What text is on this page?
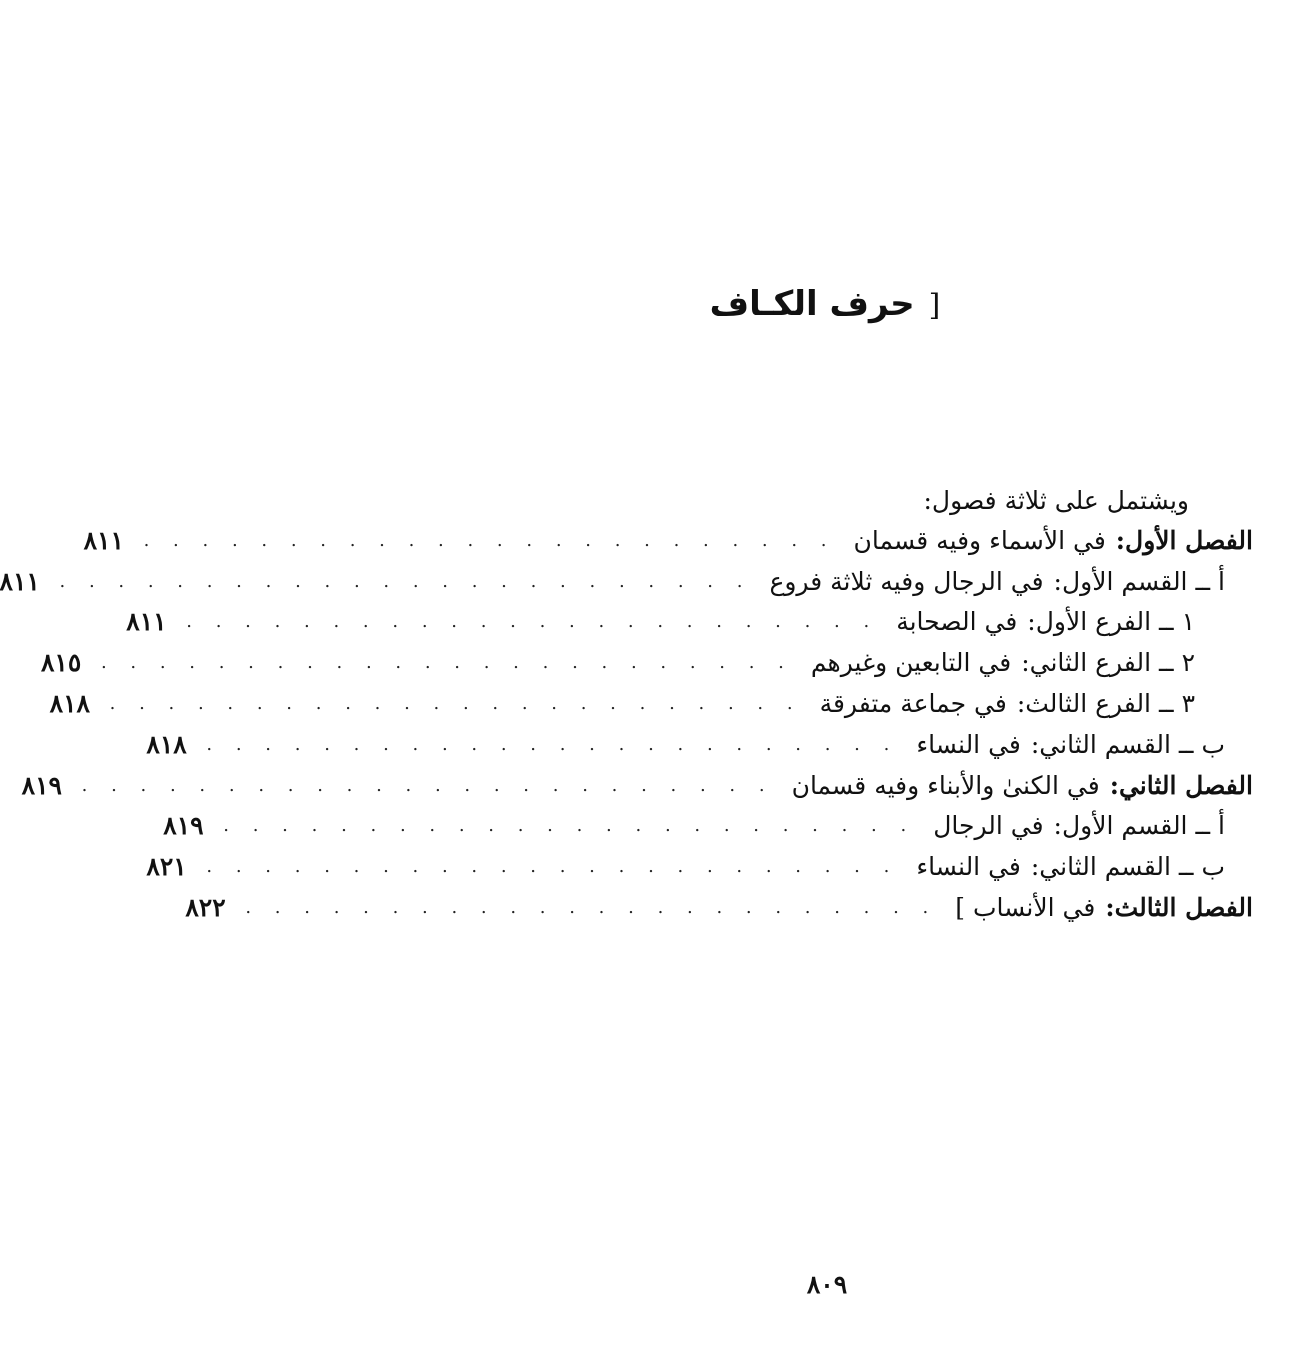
[حرف الكـاف
ويشتمل على ثلاثة فصول:
الفصل الأول:
في الأسماء وفيه قسمان
. . . . . . . . . . . . . . . . . . . . . . . .
٨١١
أ ــ القسم الأول:
في الرجال وفيه ثلاثة فروع
. . . . . . . . . . . . . . . . . . . . . . . .
٨١١
١ ــ الفرع الأول:
في الصحابة
. . . . . . . . . . . . . . . . . . . . . . . .
٨١١
٢ ــ الفرع الثاني:
في التابعين وغيرهم
. . . . . . . . . . . . . . . . . . . . . . . .
٨١٥
٣ ــ الفرع الثالث:
في جماعة متفرقة
. . . . . . . . . . . . . . . . . . . . . . . .
٨١٨
ب ــ القسم الثاني:
في النساء
. . . . . . . . . . . . . . . . . . . . . . . .
٨١٨
الفصل الثاني:
في الكنىٰ والأبناء وفيه قسمان
. . . . . . . . . . . . . . . . . . . . . . . .
٨١٩
أ ــ القسم الأول:
في الرجال
. . . . . . . . . . . . . . . . . . . . . . . .
٨١٩
ب ــ القسم الثاني:
في النساء
. . . . . . . . . . . . . . . . . . . . . . . .
٨٢١
الفصل الثالث:
في الأنساب ]
. . . . . . . . . . . . . . . . . . . . . . . .
٨٢٢
٨٠٩
